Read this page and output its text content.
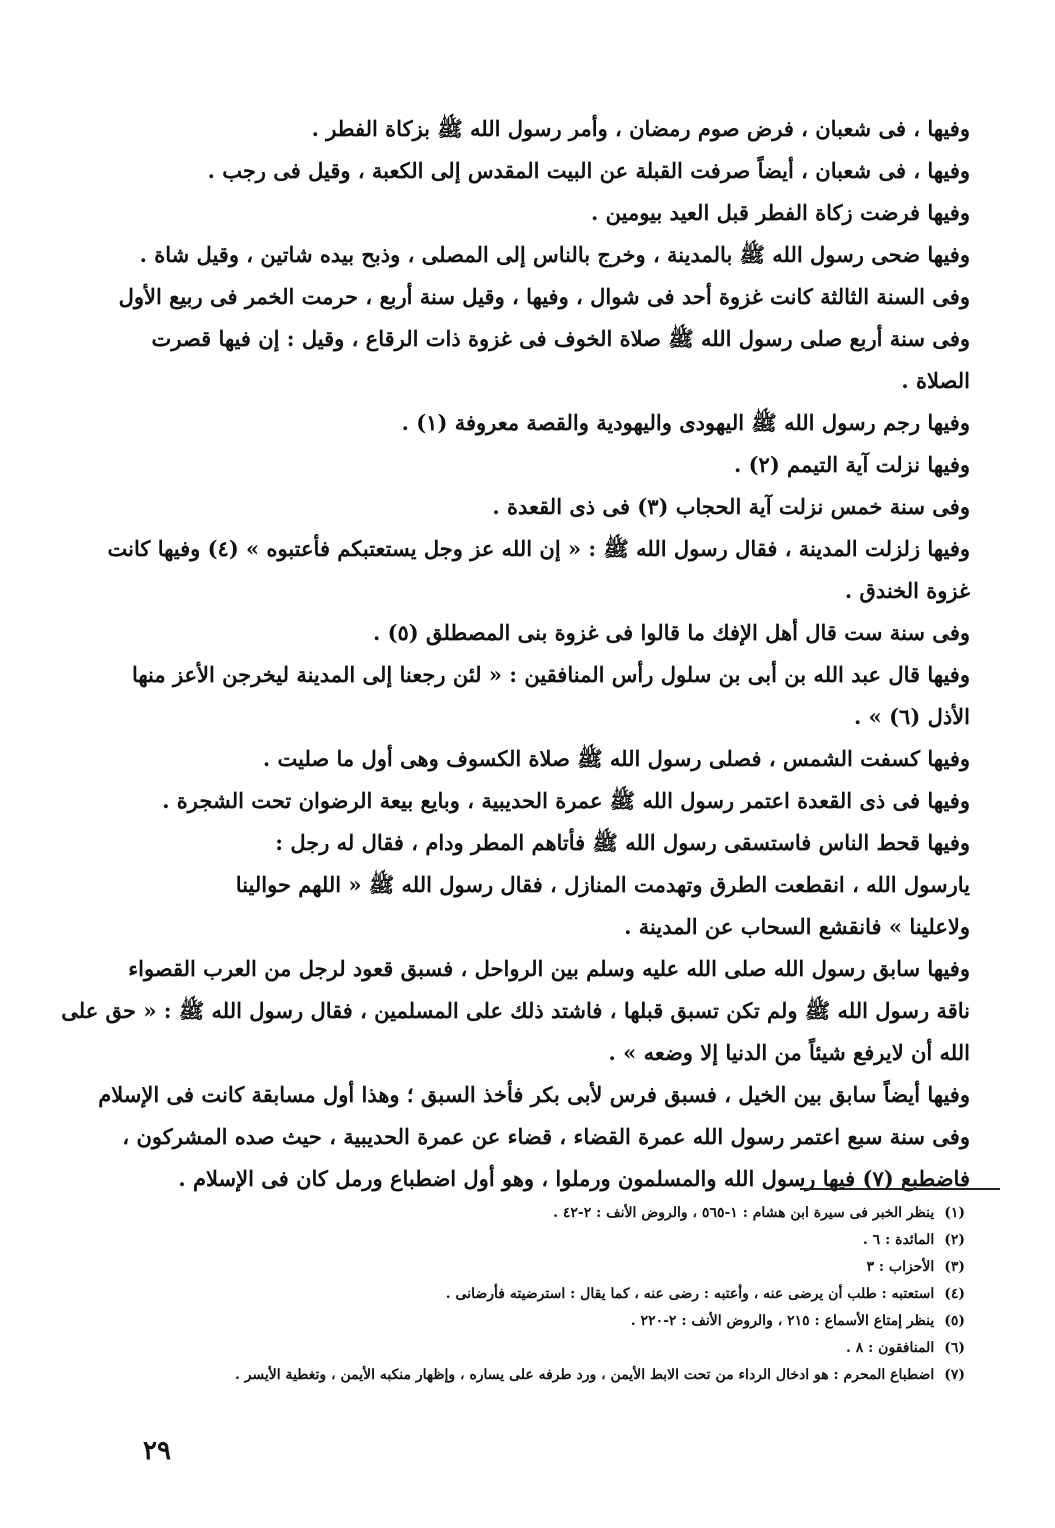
وفيها ، فى شعبان ، فرض صوم رمضان ، وأمر رسول الله ﷺ بزكاة الفطر .
وفيها ، فى شعبان ، أيضاً صرفت القبلة عن البيت المقدس إلى الكعبة ، وقيل فى رجب .
وفيها فرضت زكاة الفطر قبل العيد بيومين .
وفيها ضحى رسول الله ﷺ بالمدينة ، وخرج بالناس إلى المصلى ، وذبح بيده شاتين ، وقيل شاة .
وفى السنة الثالثة كانت غزوة أحد فى شوال ، وفيها ، وقيل سنة أربع ، حرمت الخمر فى ربيع الأول
وفى سنة أربع صلى رسول الله ﷺ صلاة الخوف فى غزوة ذات الرقاع ، وقيل : إن فيها قصرت
الصلاة .
وفيها رجم رسول الله ﷺ اليهودى واليهودية والقصة معروفة (١) .
وفيها نزلت آية التيمم (٢) .
وفى سنة خمس نزلت آية الحجاب (٣) فى ذى القعدة .
وفيها زلزلت المدينة ، فقال رسول الله ﷺ : « إن الله عز وجل يستعتبكم فأعتبوه » (٤) وفيها كانت
غزوة الخندق .
وفى سنة ست قال أهل الإفك ما قالوا فى غزوة بنى المصطلق (٥) .
وفيها قال عبد الله بن أبى بن سلول رأس المنافقين : « لئن رجعنا إلى المدينة ليخرجن الأعز منها
الأذل (٦) » .
وفيها كسفت الشمس ، فصلى رسول الله ﷺ صلاة الكسوف وهى أول ما صليت .
وفيها فى ذى القعدة اعتمر رسول الله ﷺ عمرة الحديبية ، وبايع بيعة الرضوان تحت الشجرة .
وفيها قحط الناس فاستسقى رسول الله ﷺ فأتاهم المطر ودام ، فقال له رجل :
يارسول الله ، انقطعت الطرق وتهدمت المنازل ، فقال رسول الله ﷺ « اللهم حوالينا
ولاعلينا » فانقشع السحاب عن المدينة .
وفيها سابق رسول الله صلى الله عليه وسلم بين الرواحل ، فسبق قعود لرجل من العرب القصواء
ناقة رسول الله ﷺ ولم تكن تسبق قبلها ، فاشتد ذلك على المسلمين ، فقال رسول الله ﷺ : « حق على
الله أن لايرفع شيئاً من الدنيا إلا وضعه » .
وفيها أيضاً سابق بين الخيل ، فسبق فرس لأبى بكر فأخذ السبق ؛ وهذا أول مسابقة كانت فى الإسلام
وفى سنة سبع اعتمر رسول الله عمرة القضاء ، قضاء عن عمرة الحديبية ، حيث صده المشركون ،
فاضطبع (٧) فيها رسول الله والمسلمون ورملوا ، وهو أول اضطباع ورمل كان فى الإسلام .
(١)ينظر الخبر فى سيرة ابن هشام : ١-٥٦٥ ، والروض الأنف : ٢-٤٢ .
(٢)المائدة : ٦ .
(٣)الأحزاب : ٣
(٤)استعتبه : طلب أن يرضى عنه ، وأعتبه : رضى عنه ، كما يقال : استرضيته فأرضانى .
(٥)ينظر إمتاع الأسماع : ٢١٥ ، والروض الأنف : ٢-٢٢٠ .
(٦)المنافقون : ٨ .
(٧)اضطباع المحرم : هو ادخال الرداء من تحت الابط الأيمن ، ورد طرفه على يساره ، وإظهار منكبه الأيمن ، وتغطية الأيسر .
٢٩
